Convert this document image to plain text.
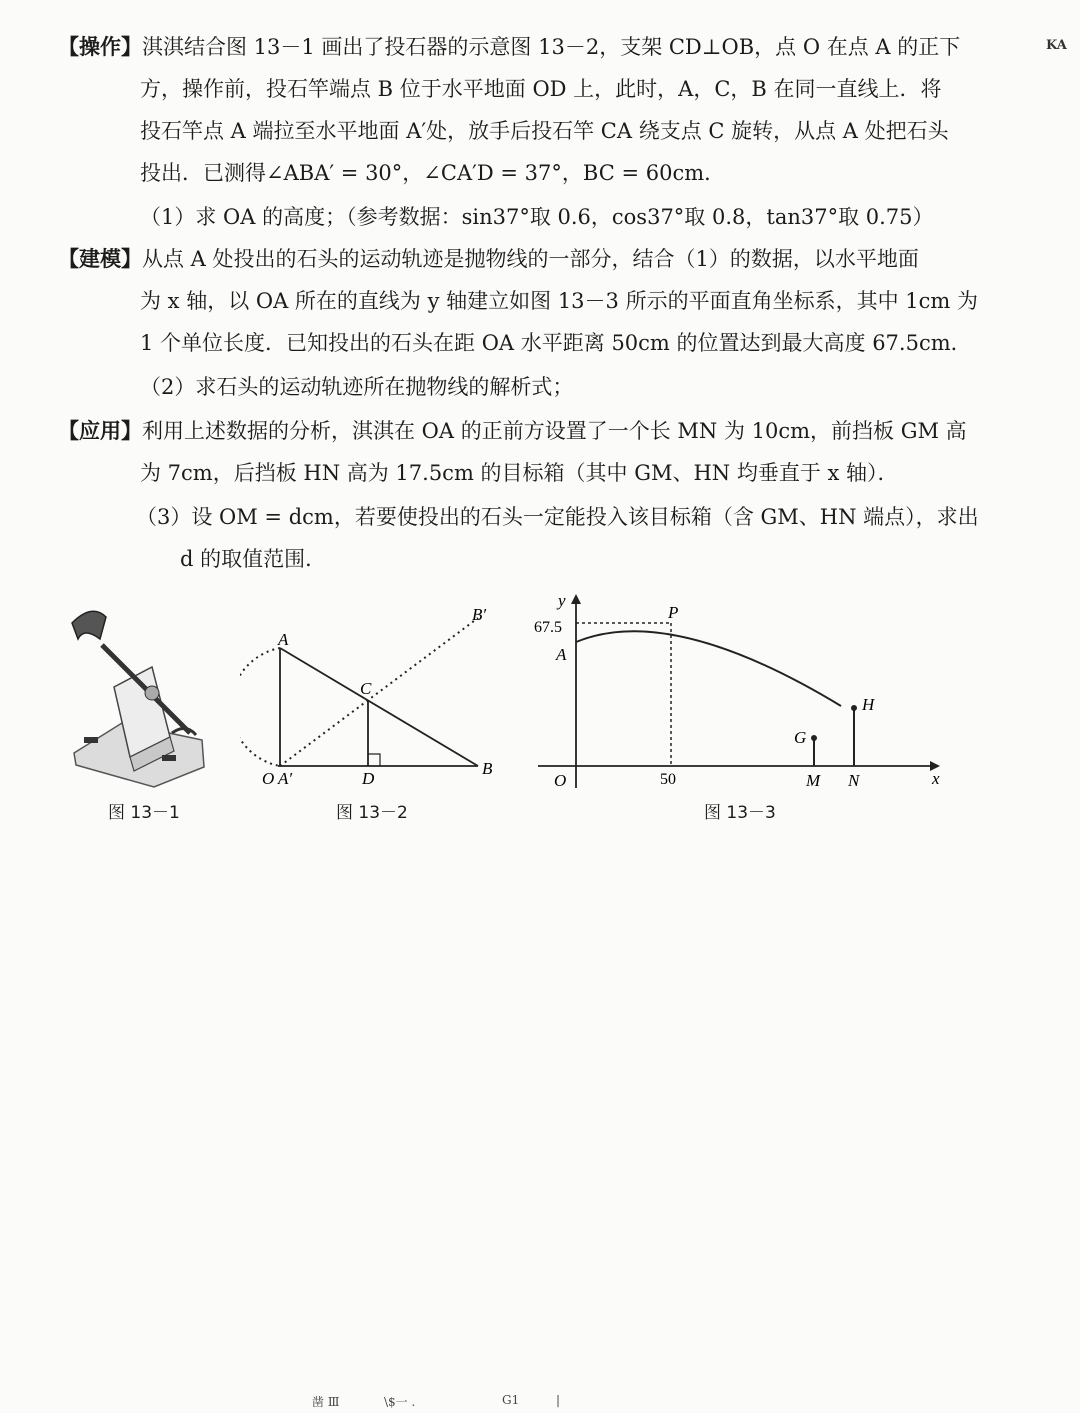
KA
【操作】淇淇结合图 13－1 画出了投石器的示意图 13－2，支架 CD⊥OB，点 O 在点 A 的正下
方，操作前，投石竿端点 B 位于水平地面 OD 上，此时，A，C，B 在同一直线上．将
投石竿点 A 端拉至水平地面 A′处，放手后投石竿 CA 绕支点 C 旋转，从点 A 处把石头
投出．已测得∠ABA′ = 30°，∠CA′D = 37°，BC = 60cm．
（1）求 OA 的高度；（参考数据：sin37°取 0.6，cos37°取 0.8，tan37°取 0.75）
【建模】从点 A 处投出的石头的运动轨迹是抛物线的一部分，结合（1）的数据，以水平地面
为 x 轴，以 OA 所在的直线为 y 轴建立如图 13－3 所示的平面直角坐标系，其中 1cm 为
1 个单位长度．已知投出的石头在距 OA 水平距离 50cm 的位置达到最大高度 67.5cm．
（2）求石头的运动轨迹所在抛物线的解析式；
【应用】利用上述数据的分析，淇淇在 OA 的正前方设置了一个长 MN 为 10cm，前挡板 GM 高
为 7cm，后挡板 HN 高为 17.5cm 的目标箱（其中 GM、HN 均垂直于 x 轴）．
（3）设 OM = dcm，若要使投出的石头一定能投入该目标箱（含 GM、HN 端点），求出
d 的取值范围．
图 13－1
A
B′
C
O A′	D
B
图 13－2
y
67.5
A
P
G
H
O	50	M N	x
图 13－3
凿 Ⅲ	\$一 .	G1	|
